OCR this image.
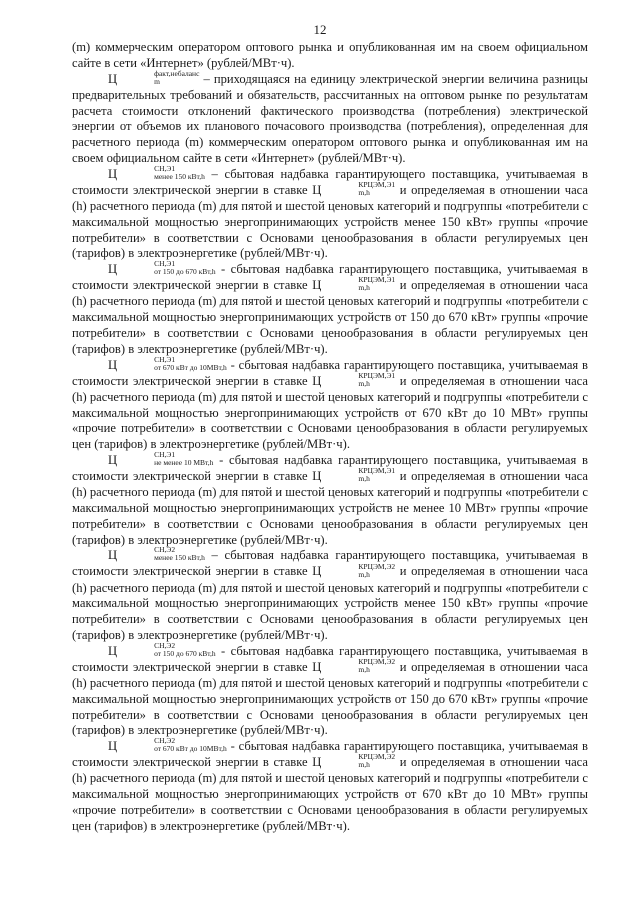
12

(m) коммерческим оператором оптового рынка и опубликованная им на своем официальном сайте в сети «Интернет» (рублей/МВт·ч).

Ц	факт,небаланс
m	– приходящаяся на единицу электрической энергии величина разницы предварительных требований и обязательств, рассчитанных на оптовом рынке по результатам расчета стоимости отклонений фактического производства (потребления) электрической энергии от объемов их планового почасового производства (потребления), определенная для расчетного периода (m) коммерческим оператором оптового рынка и опубликованная им на своем официальном сайте в сети «Интернет» (рублей/МВт·ч).

Ц	СН,Э1
менее 150 кВт,h – сбытовая надбавка гарантирующего поставщика, учитываемая в стоимости электрической энергии в ставке Ц	КРЦЭМ,Э1
m,h	и определяемая в отношении часа (h) расчетного периода (m) для пятой и шестой ценовых категорий и подгруппы «потребители с максимальной мощностью энергопринимающих устройств менее 150 кВт» группы «прочие потребители» в соответствии с Основами ценообразования в области регулируемых цен (тарифов) в электроэнергетике (рублей/МВт·ч).

Ц	СН,Э1
от 150 до 670 кВт,h - сбытовая надбавка гарантирующего поставщика, учитываемая в стоимости электрической энергии в ставке Ц	КРЦЭМ,Э1
m,h	и определяемая в отношении часа (h) расчетного периода (m) для пятой и шестой ценовых категорий и подгруппы «потребители с максимальной мощностью энергопринимающих устройств от 150 до 670 кВт» группы «прочие потребители» в соответствии с Основами ценообразования в области регулируемых цен (тарифов) в электроэнергетике (рублей/МВт·ч).

Ц	СН,Э1
от 670 кВт до 10МВт,h - сбытовая надбавка гарантирующего поставщика, учитываемая в стоимости электрической энергии в ставке Ц	КРЦЭМ,Э1
m,h	и определяемая в отношении часа (h) расчетного периода (m) для пятой и шестой ценовых категорий и подгруппы «потребители с максимальной мощностью энергопринимающих устройств от 670 кВт до 10 МВт» группы «прочие потребители» в соответствии с Основами ценообразования в области регулируемых цен (тарифов) в электроэнергетике (рублей/МВт·ч).

Ц	СН,Э1
не менее 10 МВт,h - сбытовая надбавка гарантирующего поставщика, учитываемая в стоимости электрической энергии в ставке Ц	КРЦЭМ,Э1
m,h	и определяемая в отношении часа (h) расчетного периода (m) для пятой и шестой ценовых категорий и подгруппы «потребители с максимальной мощностью энергопринимающих устройств не менее 10 МВт» группы «прочие потребители» в соответствии с Основами ценообразования в области регулируемых цен (тарифов) в электроэнергетике (рублей/МВт·ч).

Ц	СН,Э2
менее 150 кВт,h – сбытовая надбавка гарантирующего поставщика, учитываемая в стоимости электрической энергии в ставке Ц	КРЦЭМ,Э2
m,h	и определяемая в отношении часа (h) расчетного периода (m) для пятой и шестой ценовых категорий и подгруппы «потребители с максимальной мощностью энергопринимающих устройств менее 150 кВт» группы «прочие потребители» в соответствии с Основами ценообразования в области регулируемых цен (тарифов) в электроэнергетике (рублей/МВт·ч).

Ц	СН,Э2
от 150 до 670 кВт,h - сбытовая надбавка гарантирующего поставщика, учитываемая в стоимости электрической энергии в ставке Ц	КРЦЭМ,Э2
m,h	и определяемая в отношении часа (h) расчетного периода (m) для пятой и шестой ценовых категорий и подгруппы «потребители с максимальной мощностью энергопринимающих устройств от 150 до 670 кВт» группы «прочие потребители» в соответствии с Основами ценообразования в области регулируемых цен (тарифов) в электроэнергетике (рублей/МВт·ч).

Ц	СН,Э2
от 670 кВт до 10МВт,h - сбытовая надбавка гарантирующего поставщика, учитываемая в стоимости электрической энергии в ставке Ц	КРЦЭМ,Э2
m,h	и определяемая в отношении часа (h) расчетного периода (m) для пятой и шестой ценовых категорий и подгруппы «потребители с максимальной мощностью энергопринимающих устройств от 670 кВт до 10 МВт» группы «прочие потребители» в соответствии с Основами ценообразования в области регулируемых цен (тарифов) в электроэнергетике (рублей/МВт·ч).
